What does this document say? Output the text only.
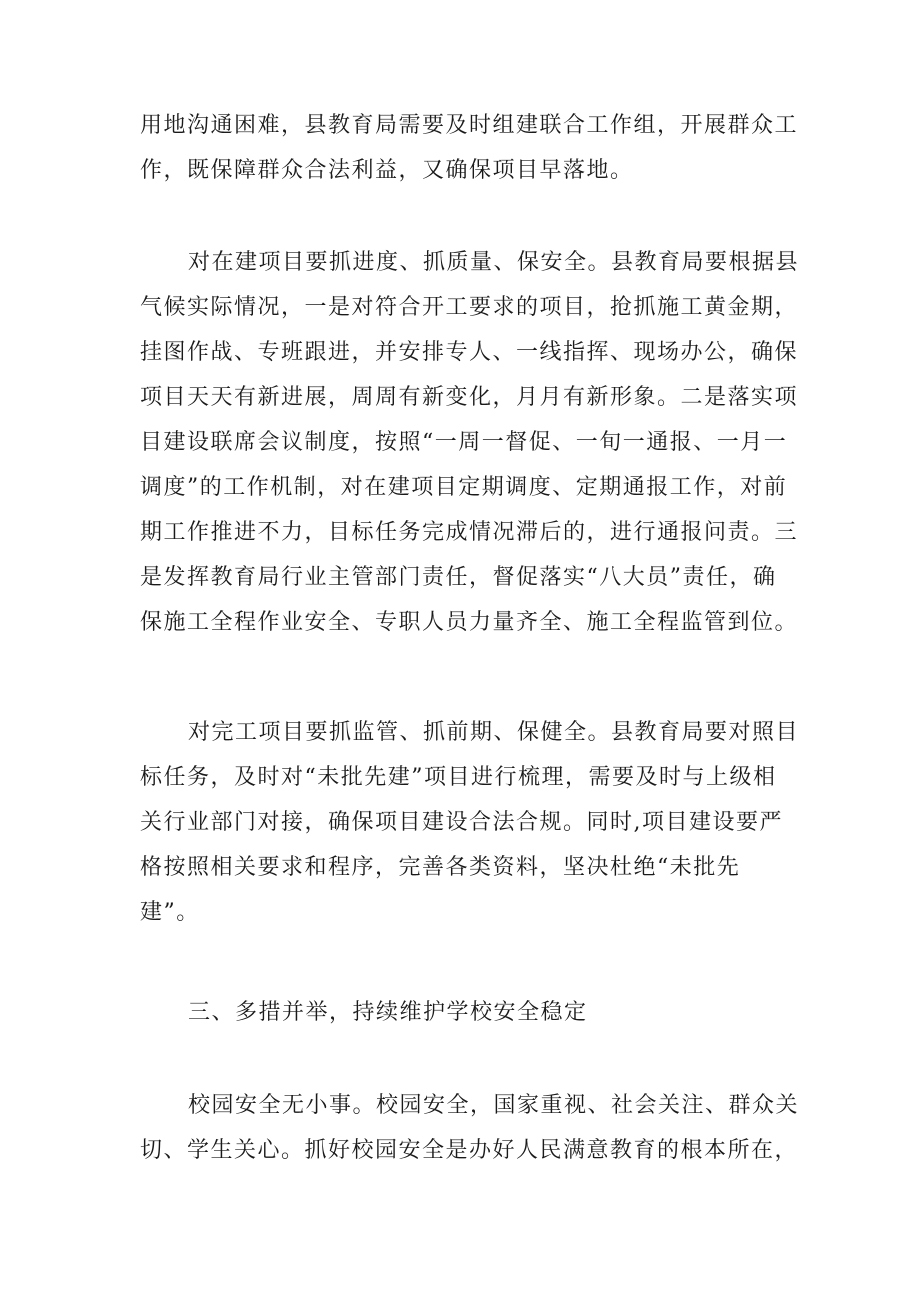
用地沟通困难，县教育局需要及时组建联合工作组，开展群众工
作，既保障群众合法利益，又确保项目早落地。
对在建项目要抓进度、抓质量、保安全。县教育局要根据县
气候实际情况，一是对符合开工要求的项目，抢抓施工黄金期，
挂图作战、专班跟进，并安排专人、一线指挥、现场办公，确保
项目天天有新进展，周周有新变化，月月有新形象。二是落实项
目建设联席会议制度，按照“一周一督促、一旬一通报、一月一
调度”的工作机制，对在建项目定期调度、定期通报工作，对前
期工作推进不力，目标任务完成情况滞后的，进行通报问责。三
是发挥教育局行业主管部门责任，督促落实“八大员”责任，确
保施工全程作业安全、专职人员力量齐全、施工全程监管到位。
对完工项目要抓监管、抓前期、保健全。县教育局要对照目
标任务，及时对“未批先建”项目进行梳理，需要及时与上级相
关行业部门对接，确保项目建设合法合规。同时,项目建设要严
格按照相关要求和程序，完善各类资料，坚决杜绝“未批先
建”。
三、多措并举，持续维护学校安全稳定
校园安全无小事。校园安全，国家重视、社会关注、群众关
切、学生关心。抓好校园安全是办好人民满意教育的根本所在，
